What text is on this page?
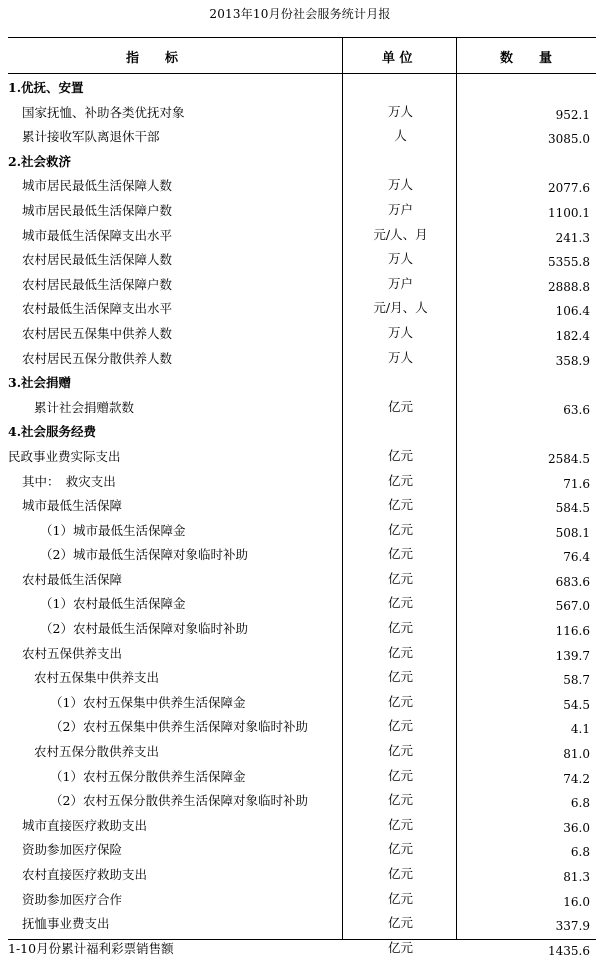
2013年10月份社会服务统计月报
指　　标	单 位	数　　量
1.优抚、安置
国家抚恤、补助各类优抚对象	万人	952.1
累计接收军队离退休干部	人	3085.0
2.社会救济
城市居民最低生活保障人数	万人	2077.6
城市居民最低生活保障户数	万户	1100.1
城市最低生活保障支出水平	元/人、月	241.3
农村居民最低生活保障人数	万人	5355.8
农村居民最低生活保障户数	万户	2888.8
农村最低生活保障支出水平	元/月、人	106.4
农村居民五保集中供养人数	万人	182.4
农村居民五保分散供养人数	万人	358.9
3.社会捐赠
累计社会捐赠款数	亿元	63.6
4.社会服务经费
民政事业费实际支出	亿元	2584.5
其中：　救灾支出	亿元	71.6
城市最低生活保障	亿元	584.5
（1）城市最低生活保障金	亿元	508.1
（2）城市最低生活保障对象临时补助	亿元	76.4
农村最低生活保障	亿元	683.6
（1）农村最低生活保障金	亿元	567.0
（2）农村最低生活保障对象临时补助	亿元	116.6
农村五保供养支出	亿元	139.7
农村五保集中供养支出	亿元	58.7
（1）农村五保集中供养生活保障金	亿元	54.5
（2）农村五保集中供养生活保障对象临时补助	亿元	4.1
农村五保分散供养支出	亿元	81.0
（1）农村五保分散供养生活保障金	亿元	74.2
（2）农村五保分散供养生活保障对象临时补助	亿元	6.8
城市直接医疗救助支出	亿元	36.0
资助参加医疗保险	亿元	6.8
农村直接医疗救助支出	亿元	81.3
资助参加医疗合作	亿元	16.0
抚恤事业费支出	亿元	337.9
1-10月份累计福利彩票销售额	亿元	1435.6
